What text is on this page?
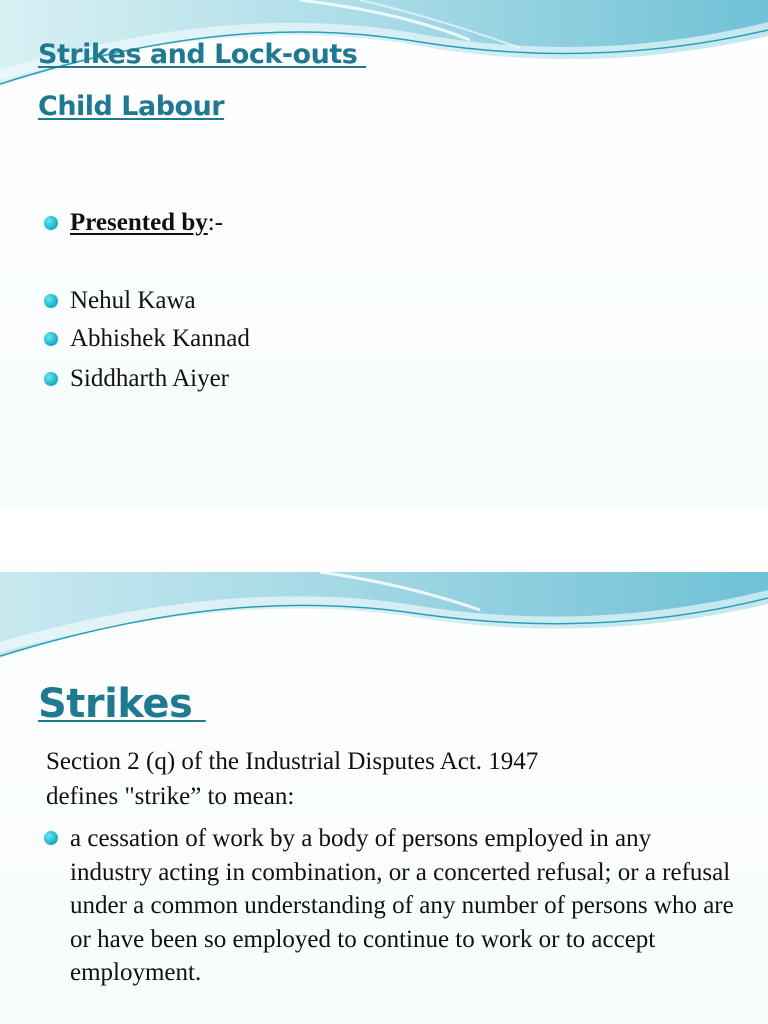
Strikes and Lock-outs
Child Labour
Presented by:-
Nehul Kawa
Abhishek Kannad
Siddharth Aiyer
Strikes
Section 2 (q) of the Industrial Disputes Act. 1947
defines "strike” to mean:
a cessation of work by a body of persons employed in any industry acting in combination, or a concerted refusal; or a refusal under a common understanding of any number of persons who are or have been so employed to continue to work or to accept employment.
